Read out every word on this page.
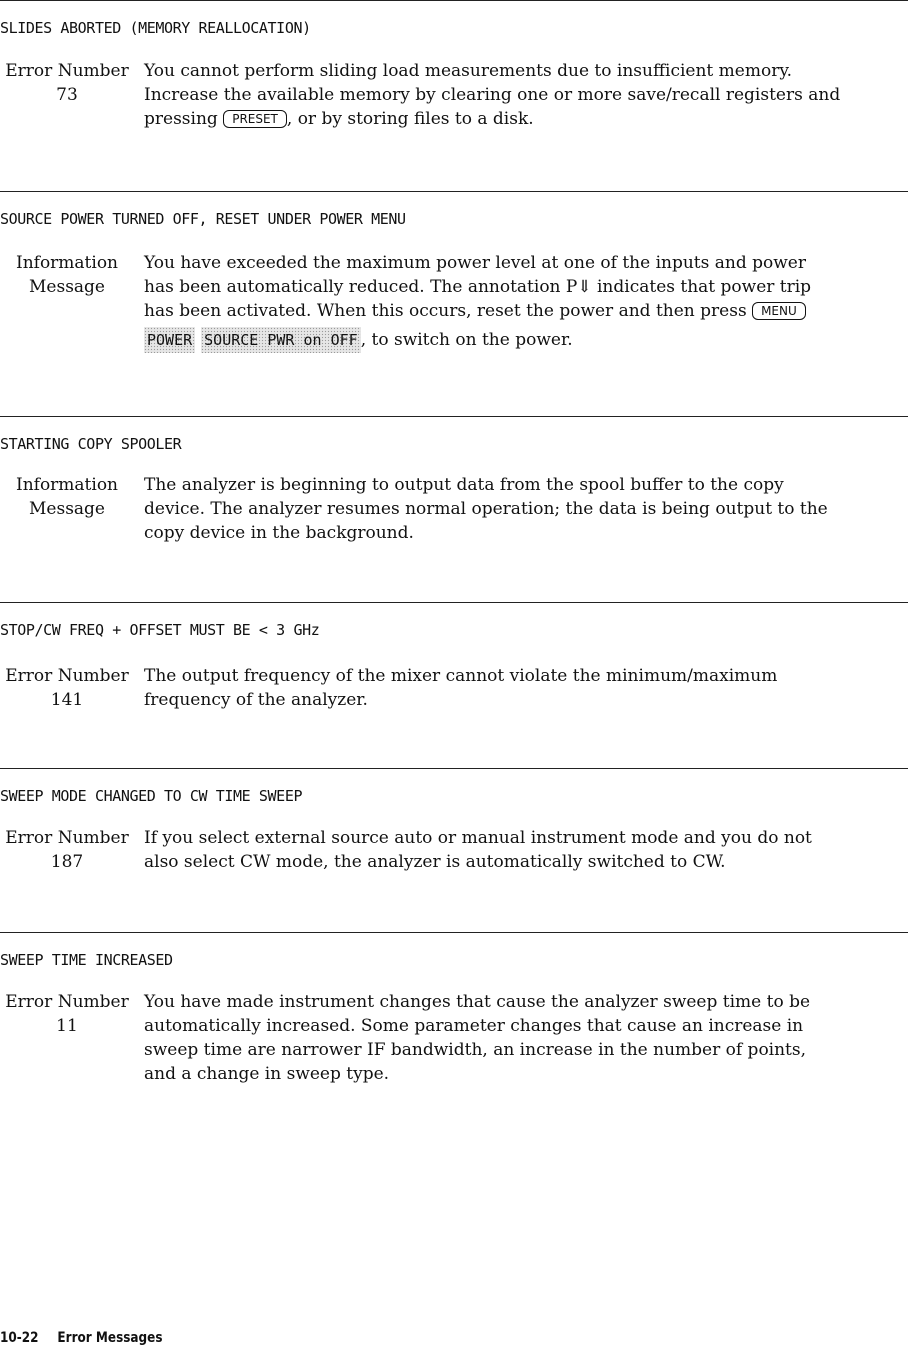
SLIDES ABORTED (MEMORY REALLOCATION)
Error Number
73
You cannot perform sliding load measurements due to insufficient memory.
Increase the available memory by clearing one or more save/recall registers and
pressing PRESET , or by storing files to a disk.
SOURCE POWER TURNED OFF, RESET UNDER POWER MENU
Information
Message
You have exceeded the maximum power level at one of the inputs and power
has been automatically reduced. The annotation P⇓ indicates that power trip
has been activated. When this occurs, reset the power and then press MENU
POWER SOURCE PWR on OFF , to switch on the power.
STARTING COPY SPOOLER
Information
Message
The analyzer is beginning to output data from the spool buffer to the copy
device. The analyzer resumes normal operation; the data is being output to the
copy device in the background.
STOP/CW FREQ + OFFSET MUST BE < 3 GHz
Error Number
141
The output frequency of the mixer cannot violate the minimum/maximum
frequency of the analyzer.
SWEEP MODE CHANGED TO CW TIME SWEEP
Error Number
187
If you select external source auto or manual instrument mode and you do not
also select CW mode, the analyzer is automatically switched to CW.
SWEEP TIME INCREASED
Error Number
11
You have made instrument changes that cause the analyzer sweep time to be
automatically increased. Some parameter changes that cause an increase in
sweep time are narrower IF bandwidth, an increase in the number of points,
and a change in sweep type.
10-22 Error Messages
